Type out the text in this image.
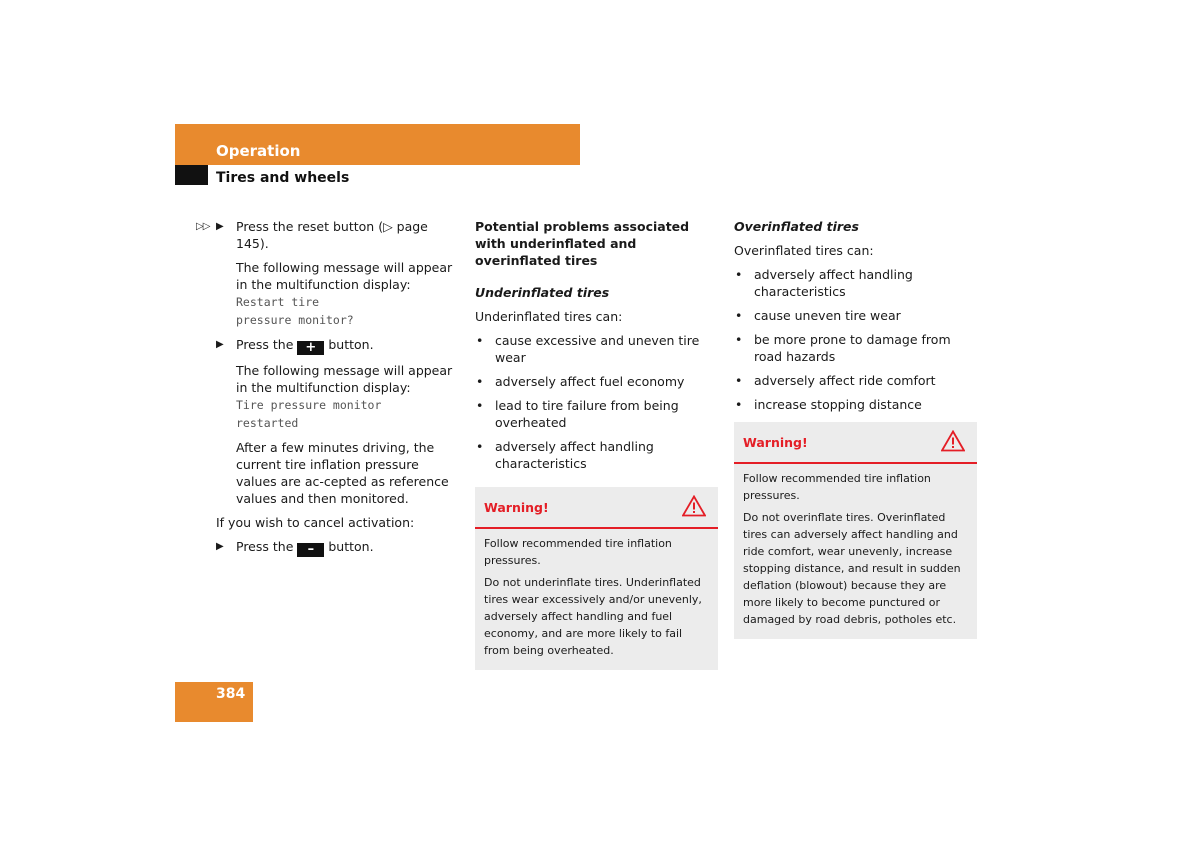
Operation
Tires and wheels
▷▷ ▶ Press the reset button (▷ page 145).
The following message will appear in the multifunction display:
Restart tire
pressure monitor?
▶ Press the + button.
The following message will appear in the multifunction display:
Tire pressure monitor
restarted
After a few minutes driving, the current tire inflation pressure values are ac-cepted as reference values and then monitored.
If you wish to cancel activation:
▶ Press the – button.
Potential problems associated with underinflated and overinflated tires
Underinflated tires
Underinflated tires can:
• cause excessive and uneven tire wear
• adversely affect fuel economy
• lead to tire failure from being overheated
• adversely affect handling characteristics
Warning!

Follow recommended tire inflation pressures.

Do not underinflate tires. Underinflated tires wear excessively and/or unevenly, adversely affect handling and fuel economy, and are more likely to fail from being overheated.

Overinflated tires
Overinflated tires can:
• adversely affect handling characteristics
• cause uneven tire wear
• be more prone to damage from road hazards
• adversely affect ride comfort
• increase stopping distance
Warning!

Follow recommended tire inflation pressures.

Do not overinflate tires. Overinflated tires can adversely affect handling and ride comfort, wear unevenly, increase stopping distance, and result in sudden deflation (blowout) because they are more likely to become punctured or damaged by road debris, potholes etc.

384
